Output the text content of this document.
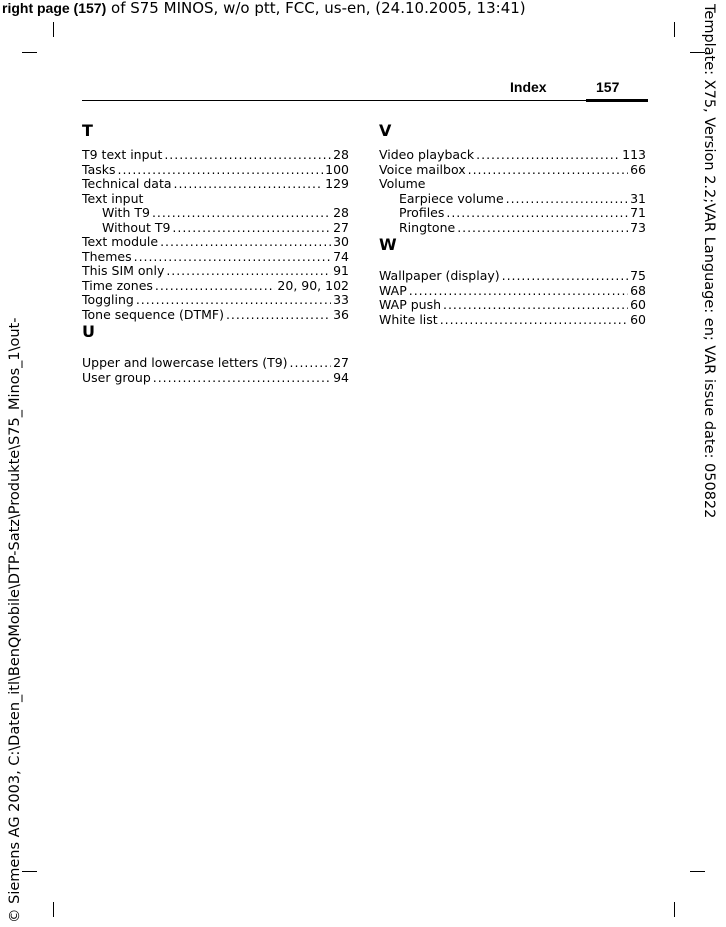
right page (157) of S75 MINOS, w/o ptt, FCC, us-en, (24.10.2005, 13:41)	Template: X75, Version 2.2;VAR Language: en; VAR issue date: 050822
© Siemens AG 2003, C:\Daten_itl\BenQMobile\DTP-Satz\Produkte\S75_Minos_1\out-
Index	157
T
T9 text input . . .	28
Tasks . . .	100
Technical data . . .	129
Text input
With T9 . . .	28
Without T9 . . .	27
Text module . . .	30
Themes . . .	74
This SIM only . . .	91
Time zones . . .	20, 90, 102
Toggling . . .	33
Tone sequence (DTMF) . . .	36
U
Upper and lowercase letters (T9) . . .	27
User group . . .	94
V
Video playback . . .	113
Voice mailbox . . .	66
Volume
Earpiece volume . . .	31
Profiles . . .	71
Ringtone . . .	73
W
Wallpaper (display) . . .	75
WAP . . .	68
WAP push . . .	60
White list . . .	60
